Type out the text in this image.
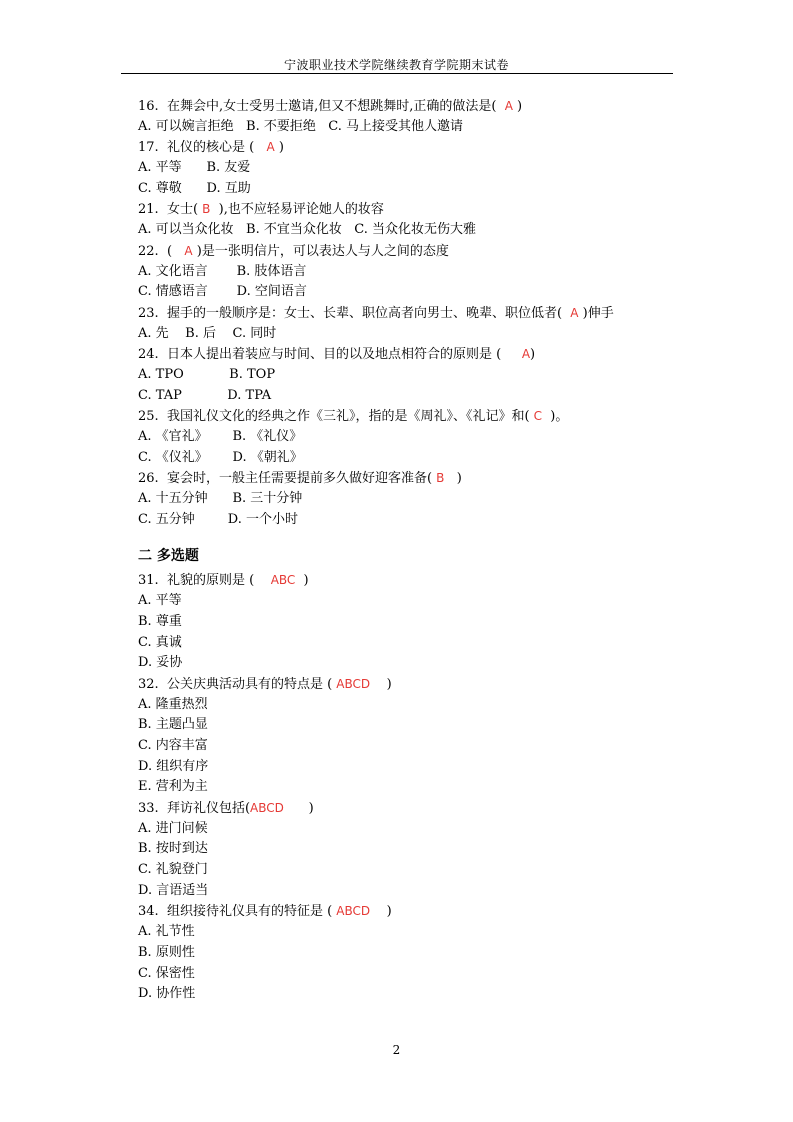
宁波职业技术学院继续教育学院期末试卷
16.  在舞会中,女士受男士邀请,但又不想跳舞时,正确的做法是(  A )
A. 可以婉言拒绝   B. 不要拒绝   C. 马上接受其他人邀请
17.  礼仪的核心是 (   A )
A. 平等      B. 友爱
C. 尊敬      D. 互助
21.  女士( B  ),也不应轻易评论她人的妆容
A. 可以当众化妆   B. 不宜当众化妆   C. 当众化妆无伤大雅
22.  (   A )是一张明信片，可以表达人与人之间的态度
A. 文化语言       B. 肢体语言
C. 情感语言       D. 空间语言
23.  握手的一般顺序是：女士、长辈、职位高者向男士、晚辈、职位低者(  A )伸手
A. 先    B. 后    C. 同时
24.  日本人提出着装应与时间、目的以及地点相符合的原则是 (     A)
A. TPO           B. TOP
C. TAP           D. TPA
25.  我国礼仪文化的经典之作《三礼》，指的是《周礼》、《礼记》和( C  )。
A. 《官礼》      B. 《礼仪》
C. 《仪礼》      D. 《朝礼》
26.  宴会时，一般主任需要提前多久做好迎客准备( B   )
A. 十五分钟      B. 三十分钟
C. 五分钟        D. 一个小时
二 多选题
31.  礼貌的原则是 (    ABC  )
A. 平等
B. 尊重
C. 真诚
D. 妥协
32.  公关庆典活动具有的特点是 ( ABCD    )
A. 隆重热烈
B. 主题凸显
C. 内容丰富
D. 组织有序
E. 营利为主
33.  拜访礼仪包括(ABCD      )
A. 进门问候
B. 按时到达
C. 礼貌登门
D. 言语适当
34.  组织接待礼仪具有的特征是 ( ABCD    )
A. 礼节性
B. 原则性
C. 保密性
D. 协作性
2
